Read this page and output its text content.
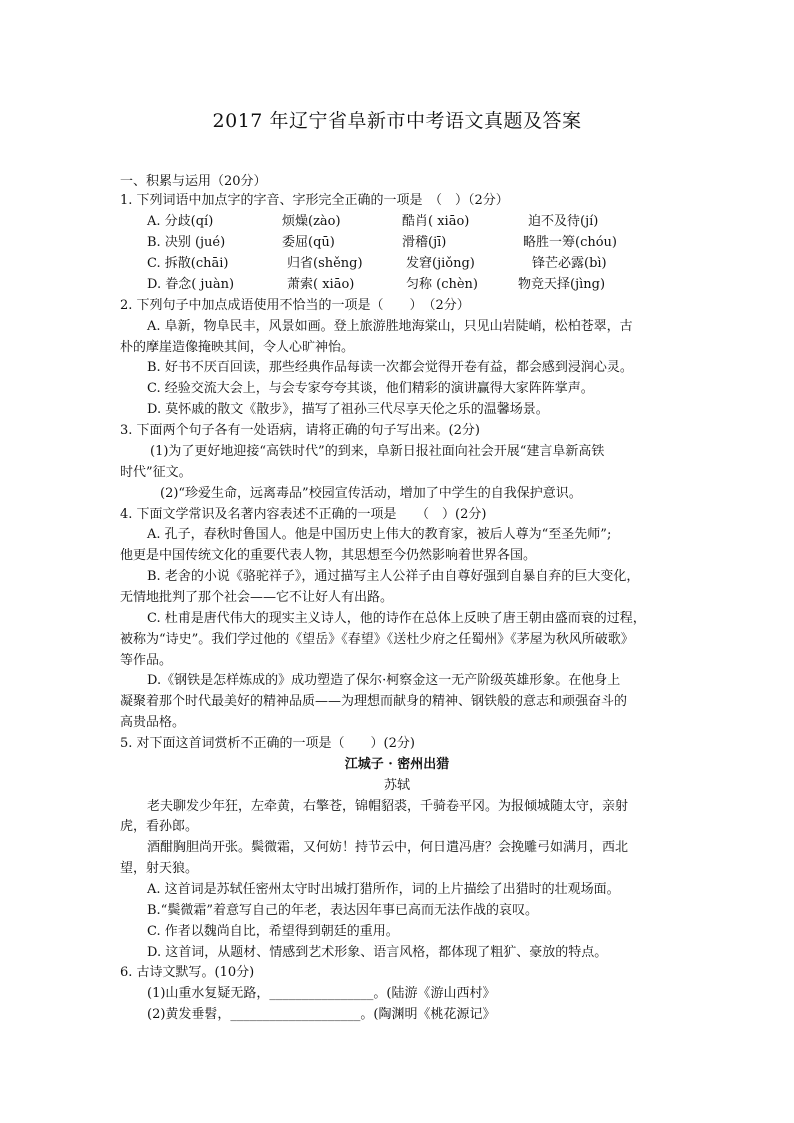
2017 年辽宁省阜新市中考语文真题及答案
一、积累与运用（20分）
1. 下列词语中加点字的字音、字形完全正确的一项是　（　）（2分）
A. 分歧(qí)	烦燥(zào)	酷肖( xiāo)	迫不及待(jí)
B. 决别 (jué)	委屈(qū)	滑稽(jī)	略胜一筹(chóu)
C. 拆散(chāi)	归省(shěng)	发窘(jiǒng)	锋芒必露(bì)
D. 眷念( juàn)	萧索( xiāo)	匀称 (chèn)	物竞天择(jìng)
2. 下列句子中加点成语使用不恰当的一项是（　　）　（2分）
A. 阜新，物阜民丰，风景如画。登上旅游胜地海棠山，只见山岩陡峭，松柏苍翠，古
朴的摩崖造像掩映其间，令人心旷神怡。
B. 好书不厌百回读，那些经典作品每读一次都会觉得开卷有益，都会感到浸润心灵。
C. 经验交流大会上，与会专家夸夸其谈，他们精彩的演讲赢得大家阵阵掌声。
D. 莫怀戚的散文《散步》，描写了祖孙三代尽享天伦之乐的温馨场景。
3. 下面两个句子各有一处语病，请将正确的句子写出来。(2分)
(1)为了更好地迎接“高铁时代”的到来，阜新日报社面向社会开展“建言阜新高铁
时代”征文。
(2)“珍爱生命，远离毒品”校园宣传活动，增加了中学生的自我保护意识。
4. 下面文学常识及名著内容表述不正确的一项是　　（　）(2分)
A. 孔子，春秋时鲁国人。他是中国历史上伟大的教育家，被后人尊为“至圣先师”;
他更是中国传统文化的重要代表人物，其思想至今仍然影响着世界各国。
B. 老舍的小说《骆驼祥子》，通过描写主人公祥子由自尊好强到自暴自弃的巨大变化，
无情地批判了那个社会——它不让好人有出路。
C. 杜甫是唐代伟大的现实主义诗人，他的诗作在总体上反映了唐王朝由盛而衰的过程，
被称为“诗史”。我们学过他的《望岳》《春望》《送杜少府之任蜀州》《茅屋为秋风所破歌》
等作品。
D.《钢铁是怎样炼成的》成功塑造了保尔·柯察金这一无产阶级英雄形象。在他身上
凝聚着那个时代最美好的精神品质——为理想而献身的精神、钢铁般的意志和顽强奋斗的
高贵品格。
5. 对下面这首词赏析不正确的一项是（　　）(2分)
江城子 · 密州出猎
苏轼
老夫聊发少年狂，左牵黄，右擎苍，锦帽貂裘，千骑卷平冈。为报倾城随太守，亲射
虎，看孙郎。
酒酣胸胆尚开张。鬓微霜，又何妨！持节云中，何日遣冯唐？会挽雕弓如满月，西北
望，射天狼。
A. 这首词是苏轼任密州太守时出城打猎所作，词的上片描绘了出猎时的壮观场面。
B.“鬓微霜”着意写自己的年老，表达因年事已高而无法作战的哀叹。
C. 作者以魏尚自比，希望得到朝廷的重用。
D. 这首词，从题材、情感到艺术形象、语言风格，都体现了粗犷、豪放的特点。
6. 古诗文默写。(10分)
(1)山重水复疑无路，________________。(陆游《游山西村》
(2)黄发垂髫，____________________。(陶渊明《桃花源记》
